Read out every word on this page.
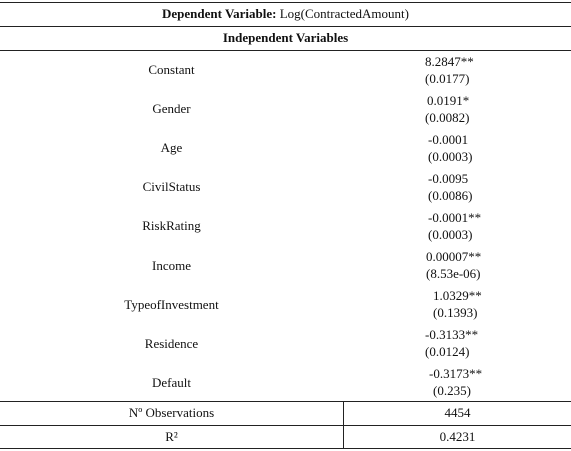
Dependent Variable: Log(ContractedAmount)
Independent Variables
Constant
8.2847**
(0.0177)
Gender
0.0191*
(0.0082)
Age
-0.0001
(0.0003)
CivilStatus
-0.0095
(0.0086)
RiskRating
-0.0001**
(0.0003)
Income
0.00007**
(8.53e-06)
TypeofInvestment
1.0329**
(0.1393)
Residence
-0.3133**
(0.0124)
Default
-0.3173**
(0.235)
Nº Observations	4454
R²	0.4231
